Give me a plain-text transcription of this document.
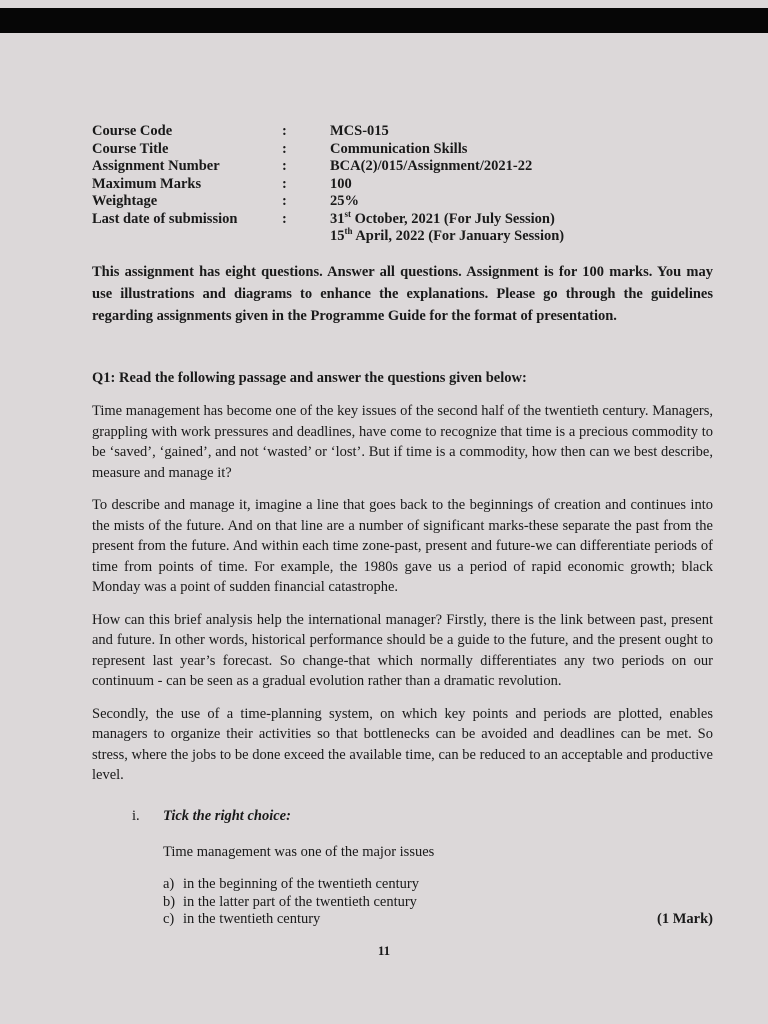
Course Code	:	MCS-015
Course Title	:	Communication Skills
Assignment Number	:	BCA(2)/015/Assignment/2021-22
Maximum Marks	:	100
Weightage	:	25%
Last date of submission	:	31st October, 2021 (For July Session)
15th April, 2022 (For January Session)
This assignment has eight questions. Answer all questions. Assignment is for 100 marks. You may use illustrations and diagrams to enhance the explanations. Please go through the guidelines regarding assignments given in the Programme Guide for the format of presentation.
Q1: Read the following passage and answer the questions given below:

Time management has become one of the key issues of the second half of the twentieth century. Managers, grappling with work pressures and deadlines, have come to recognize that time is a precious commodity to be ‘saved’, ‘gained’, and not ‘wasted’ or ‘lost’. But if time is a commodity, how then can we best describe, measure and manage it?

To describe and manage it, imagine a line that goes back to the beginnings of creation and continues into the mists of the future. And on that line are a number of significant marks-these separate the past from the present from the future. And within each time zone-past, present and future-we can differentiate periods of time from points of time. For example, the 1980s gave us a period of rapid economic growth; black Monday was a point of sudden financial catastrophe.

How can this brief analysis help the international manager? Firstly, there is the link between past, present and future. In other words, historical performance should be a guide to the future, and the present ought to represent last year’s forecast. So change-that which normally differentiates any two periods on our continuum - can be seen as a gradual evolution rather than a dramatic revolution.

Secondly, the use of a time-planning system, on which key points and periods are plotted, enables managers to organize their activities so that bottlenecks can be avoided and deadlines can be met. So stress, where the jobs to be done exceed the available time, can be reduced to an acceptable and productive level.

i. Tick the right choice:
Time management was one of the major issues
a) in the beginning of the twentieth century
b) in the latter part of the twentieth century
c) in the twentieth century	(1 Mark)
11
